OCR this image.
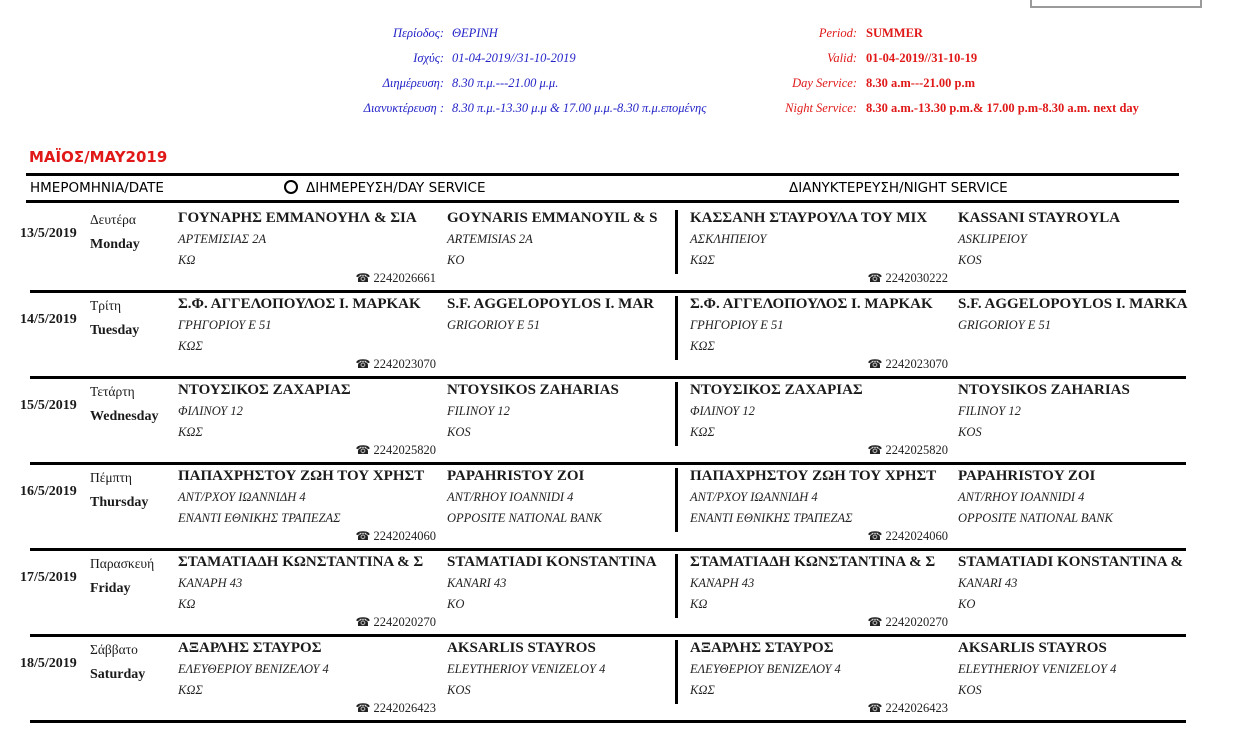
Περίοδος: ΘΕΡΙΝΗ
Ισχύς: 01-04-2019//31-10-2019
Διημέρευση: 8.30 π.μ.---21.00 μ.μ.
Διανυκτέρευση : 8.30 π.μ.-13.30 μ.μ & 17.00 μ.μ.-8.30 π.μ.επομένης
Period: SUMMER
Valid: 01-04-2019//31-10-19
Day Service: 8.30 a.m---21.00 p.m
Night Service: 8.30 a.m.-13.30 p.m.& 17.00 p.m-8.30 a.m. next day
ΜΑΪΟΣ/MAY2019
ΗΜΕΡΟΜΗΝΙΑ/DATE	ΔΙΗΜΕΡΕΥΣΗ/DAY SERVICE	ΔΙΑΝΥΚΤΕΡΕΥΣΗ/NIGHT SERVICE
13/5/2019
Δευτέρα
Monday
ΓΟΥΝΑΡΗΣ ΕΜΜΑΝΟΥΗΛ & ΣΙΑ
ΑΡΤΕΜΙΣΙΑΣ 2Α
ΚΩ
GOYNARIS EMMANOYIL & S
ARTEMISIAS 2A
KO
☎ 2242026661
ΚΑΣΣΑΝΗ ΣΤΑΥΡΟΥΛΑ ΤΟΥ ΜΙΧ
ΑΣΚΛΗΠΕΙΟΥ
ΚΩΣ
KASSANI STAYROYLA
ASKLIPEIOY
KOS
☎ 2242030222
14/5/2019
Τρίτη
Tuesday
Σ.Φ. ΑΓΓΕΛΟΠΟΥΛΟΣ Ι. ΜΑΡΚΑΚ
ΓΡΗΓΟΡΙΟΥ Ε 51
ΚΩΣ
S.F. AGGELOPOYLOS I. MAR
GRIGORIOY E 51
☎ 2242023070
Σ.Φ. ΑΓΓΕΛΟΠΟΥΛΟΣ Ι. ΜΑΡΚΑΚ
ΓΡΗΓΟΡΙΟΥ Ε 51
ΚΩΣ
S.F. AGGELOPOYLOS I. MARKA
GRIGORIOY E 51
☎ 2242023070
15/5/2019
Τετάρτη
Wednesday
ΝΤΟΥΣΙΚΟΣ ΖΑΧΑΡΙΑΣ
ΦΙΛΙΝΟΥ 12
ΚΩΣ
NTOYSIKOS ZAHARIAS
FILINOY 12
KOS
☎ 2242025820
ΝΤΟΥΣΙΚΟΣ ΖΑΧΑΡΙΑΣ
ΦΙΛΙΝΟΥ 12
ΚΩΣ
NTOYSIKOS ZAHARIAS
FILINOY 12
KOS
☎ 2242025820
16/5/2019
Πέμπτη
Thursday
ΠΑΠΑΧΡΗΣΤΟΥ ΖΩΗ ΤΟΥ ΧΡΗΣΤ
ΑΝΤ/ΡΧΟΥ ΙΩΑΝΝΙΔΗ 4
ΕΝΑΝΤΙ ΕΘΝΙΚΗΣ ΤΡΑΠΕΖΑΣ
PAPAHRISTOY ZOI
ANT/RHOY IOANNIDI 4
OPPOSITE NATIONAL BANK
☎ 2242024060
ΠΑΠΑΧΡΗΣΤΟΥ ΖΩΗ ΤΟΥ ΧΡΗΣΤ
ΑΝΤ/ΡΧΟΥ ΙΩΑΝΝΙΔΗ 4
ΕΝΑΝΤΙ ΕΘΝΙΚΗΣ ΤΡΑΠΕΖΑΣ
PAPAHRISTOY ZOI
ANT/RHOY IOANNIDI 4
OPPOSITE NATIONAL BANK
☎ 2242024060
17/5/2019
Παρασκευή
Friday
ΣΤΑΜΑΤΙΑΔΗ ΚΩΝΣΤΑΝΤΙΝΑ & Σ
ΚΑΝΑΡΗ 43
ΚΩ
STAMATIADI KONSTANTINA
KANARI 43
KO
☎ 2242020270
ΣΤΑΜΑΤΙΑΔΗ ΚΩΝΣΤΑΝΤΙΝΑ & Σ
ΚΑΝΑΡΗ 43
ΚΩ
STAMATIADI KONSTANTINA &
KANARI 43
KO
☎ 2242020270
18/5/2019
Σάββατο
Saturday
ΑΞΑΡΛΗΣ ΣΤΑΥΡΟΣ
ΕΛΕΥΘΕΡΙΟΥ ΒΕΝΙΖΕΛΟΥ 4
ΚΩΣ
AKSARLIS STAYROS
ELEYTHERIOY VENIZELOY 4
KOS
☎ 2242026423
ΑΞΑΡΛΗΣ ΣΤΑΥΡΟΣ
ΕΛΕΥΘΕΡΙΟΥ ΒΕΝΙΖΕΛΟΥ 4
ΚΩΣ
AKSARLIS STAYROS
ELEYTHERIOY VENIZELOY 4
KOS
☎ 2242026423
